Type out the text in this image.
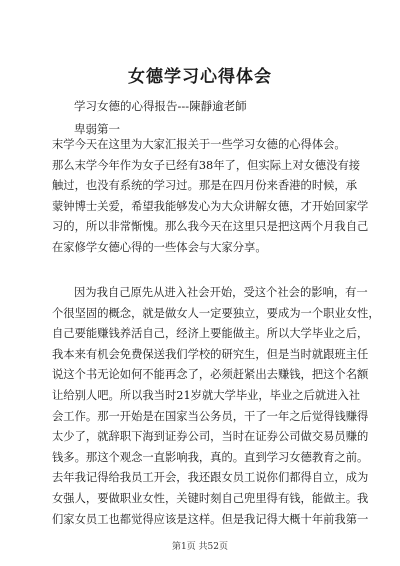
女德学习心得体会
学习女德的心得报告---陳靜逾老師
卑弱第一
末学今天在这里为大家汇报关于一些学习女德的心得体会。
那么末学今年作为女子已经有38年了，但实际上对女德没有接
触过，也没有系统的学习过。那是在四月份来香港的时候，承
蒙钟博士关爱，希望我能够发心为大众讲解女德，才开始回家学
习的，所以非常惭愧。那么我今天在这里只是把这两个月我自己
在家修学女德心得的一些体会与大家分享。
因为我自己原先从进入社会开始，受这个社会的影响，有一
个很坚固的概念，就是做女人一定要独立，要成为一个职业女性，
自己要能赚钱养活自己，经济上要能做主。所以大学毕业之后，
我本来有机会免费保送我们学校的研究生，但是当时就跟班主任
说这个书无论如何不能再念了，必须赶紧出去赚钱，把这个名额
让给别人吧。所以我当时21岁就大学毕业，毕业之后就进入社
会工作。那一开始是在国家当公务员，干了一年之后觉得钱赚得
太少了，就辞职下海到证券公司，当时在证券公司做交易员赚的
钱多。那这个观念一直影响我，真的。直到学习女德教育之前。
去年我记得给我员工开会，我还跟女员工说你们都得自立，成为
女强人，要做职业女性，关键时刻自己兜里得有钱，能做主。我
们家女员工也都觉得应该是这样。但是我记得大概十年前我第一
第1页 共52页
